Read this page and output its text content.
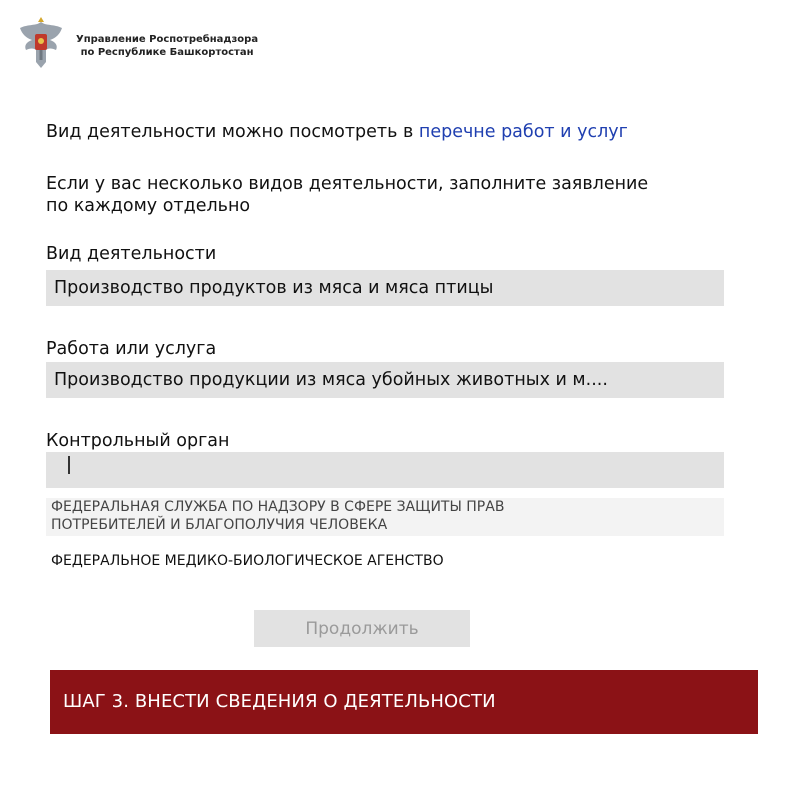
Управление Роспотребнадзора
по Республике Башкортостан
Вид деятельности можно посмотреть в перечне работ и услуг
Если у вас несколько видов деятельности, заполните заявление
по каждому отдельно
Вид деятельности
Производство продуктов из мяса и мяса птицы
Работа или услуга
Производство продукции из мяса убойных животных и м....
Контрольный орган
ФЕДЕРАЛЬНАЯ СЛУЖБА ПО НАДЗОРУ В СФЕРЕ ЗАЩИТЫ ПРАВ
ПОТРЕБИТЕЛЕЙ И БЛАГОПОЛУЧИЯ ЧЕЛОВЕКА
ФЕДЕРАЛЬНОЕ МЕДИКО-БИОЛОГИЧЕСКОЕ АГЕНСТВО
Продолжить
ШАГ 3. ВНЕСТИ СВЕДЕНИЯ О ДЕЯТЕЛЬНОСТИ
